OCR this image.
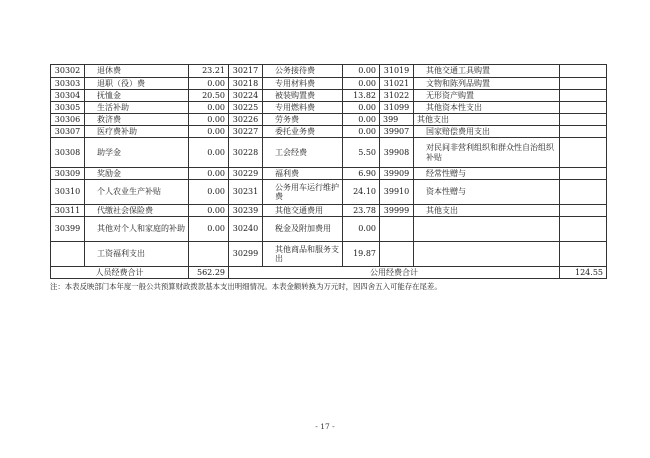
30302	退休费	23.21	30217	公务接待费	0.00	31019	其他交通工具购置	
30303	退职（役）费	0.00	30218	专用材料费	0.00	31021	文物和陈列品购置	
30304	抚恤金	20.50	30224	被装购置费	13.82	31022	无形资产购置	
30305	生活补助	0.00	30225	专用燃料费	0.00	31099	其他资本性支出	
30306	救济费	0.00	30226	劳务费	0.00	399	其他支出	
30307	医疗费补助	0.00	30227	委托业务费	0.00	39907	国家赔偿费用支出	
30308	助学金	0.00	30228	工会经费	5.50	39908	对民间非营利组织和群众性自治组织补贴	
30309	奖励金	0.00	30229	福利费	6.90	39909	经常性赠与	
30310	个人农业生产补贴	0.00	30231	公务用车运行维护费	24.10	39910	资本性赠与	
30311	代缴社会保险费	0.00	30239	其他交通费用	23.78	39999	其他支出	
30399	其他对个人和家庭的补助	0.00	30240	税金及附加费用	0.00			
	工资福利支出		30299	其他商品和服务支出	19.87			
人员经费合计		562.29	公用经费合计					124.55
注：本表反映部门本年度一般公共预算财政拨款基本支出明细情况。本表金额转换为万元时，因四舍五入可能存在尾差。
- 17 -
